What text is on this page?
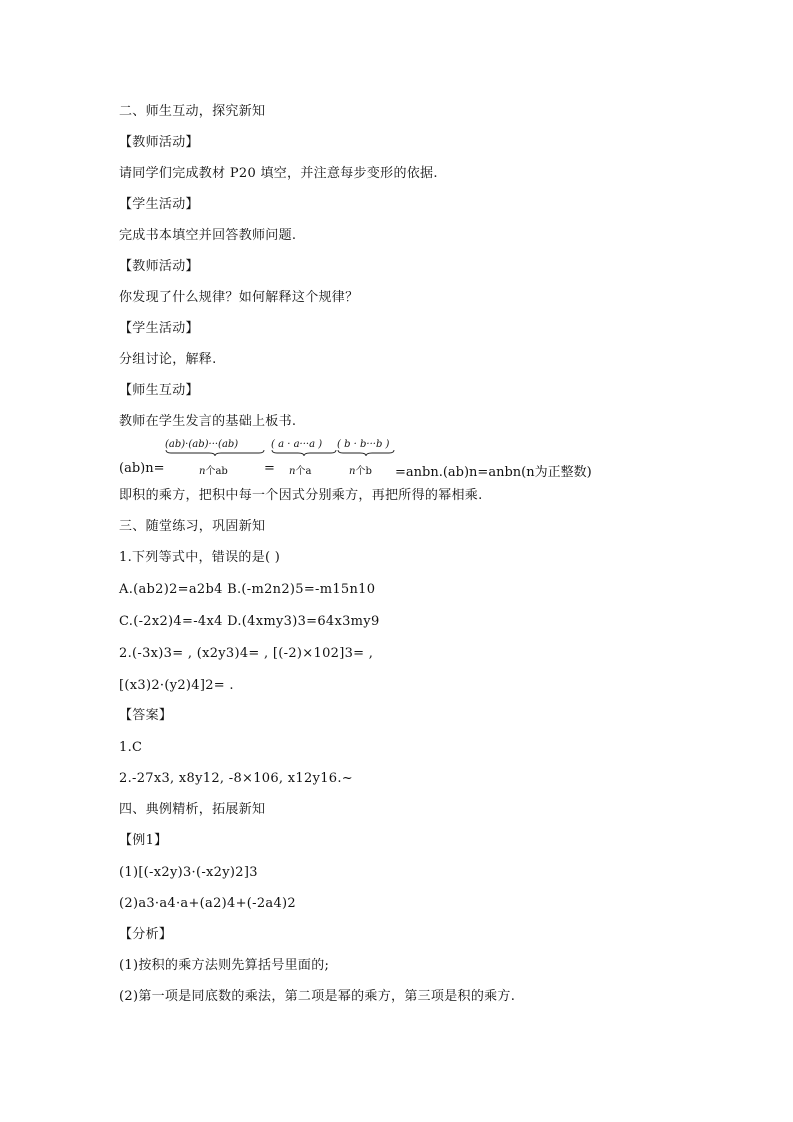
二、师生互动，探究新知
【教师活动】
请同学们完成教材 P20 填空，并注意每步变形的依据.
【学生活动】
完成书本填空并回答教师问题.
【教师活动】
你发现了什么规律？如何解释这个规律？
【学生活动】
分组讨论，解释.
【师生互动】
教师在学生发言的基础上板书.
(ab)n=
(ab)·(ab)···(ab)
n个ab	=
( a · a···a )
n个a
( b · b···b )
n个b =anbn.(ab)n=anbn(n为正整数)
即积的乘方，把积中每一个因式分别乘方，再把所得的幂相乘.
三、随堂练习，巩固新知
1.下列等式中，错误的是( )
A.(ab2)2=a2b4 B.(-m2n2)5=-m15n10
C.(-2x2)4=-4x4 D.(4xmy3)3=64x3my9
2.(-3x)3= , (x2y3)4= , [(-2)×102]3= ,
[(x3)2·(y2)4]2= .
【答案】
1.C
2.-27x3, x8y12, -8×106, x12y16.~
四、典例精析，拓展新知
【例1】
(1)[(-x2y)3·(-x2y)2]3
(2)a3·a4·a+(a2)4+(-2a4)2
【分析】
(1)按积的乘方法则先算括号里面的;
(2)第一项是同底数的乘法，第二项是幂的乘方，第三项是积的乘方.
